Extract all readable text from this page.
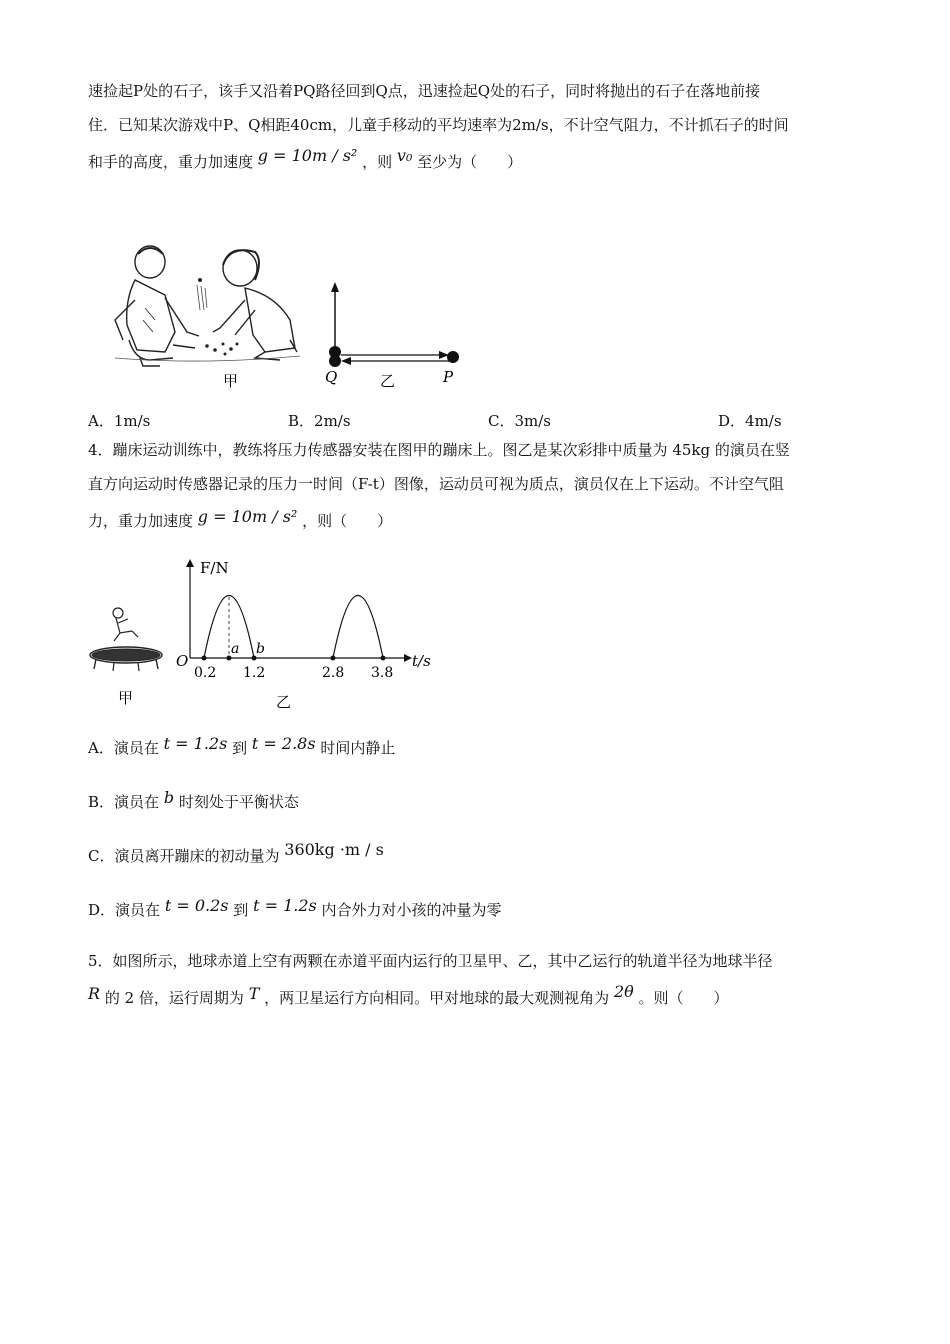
速捡起P处的石子，该手又沿着PQ路径回到Q点，迅速捡起Q处的石子，同时将抛出的石子在落地前接
住．已知某次游戏中P、Q相距40cm，儿童手移动的平均速率为2m/s，不计空气阻力，不计抓石子的时间
和手的高度，重力加速度 g = 10m / s² ，则 v₀ 至少为（　　）
甲	Q	P
乙
A．1m/s	B．2m/s	C．3m/s	D．4m/s
4．蹦床运动训练中，教练将压力传感器安装在图甲的蹦床上。图乙是某次彩排中质量为 45kg 的演员在竖
直方向运动时传感器记录的压力一时间（F-t）图像，运动员可视为质点，演员仅在上下运动。不计空气阻
力，重力加速度 g = 10m / s² ，则（　　）
甲
F/N
t/s
O
a b
0.2 1.2	2.8 3.8
乙
A．演员在 t = 1.2s 到 t = 2.8s 时间内静止
B．演员在 b 时刻处于平衡状态
C．演员离开蹦床的初动量为 360kg ·m / s
D．演员在 t = 0.2s 到 t = 1.2s 内合外力对小孩的冲量为零
5．如图所示，地球赤道上空有两颗在赤道平面内运行的卫星甲、乙，其中乙运行的轨道半径为地球半径
R 的 2 倍，运行周期为 T ，两卫星运行方向相同。甲对地球的最大观测视角为 2θ 。则（　　）
